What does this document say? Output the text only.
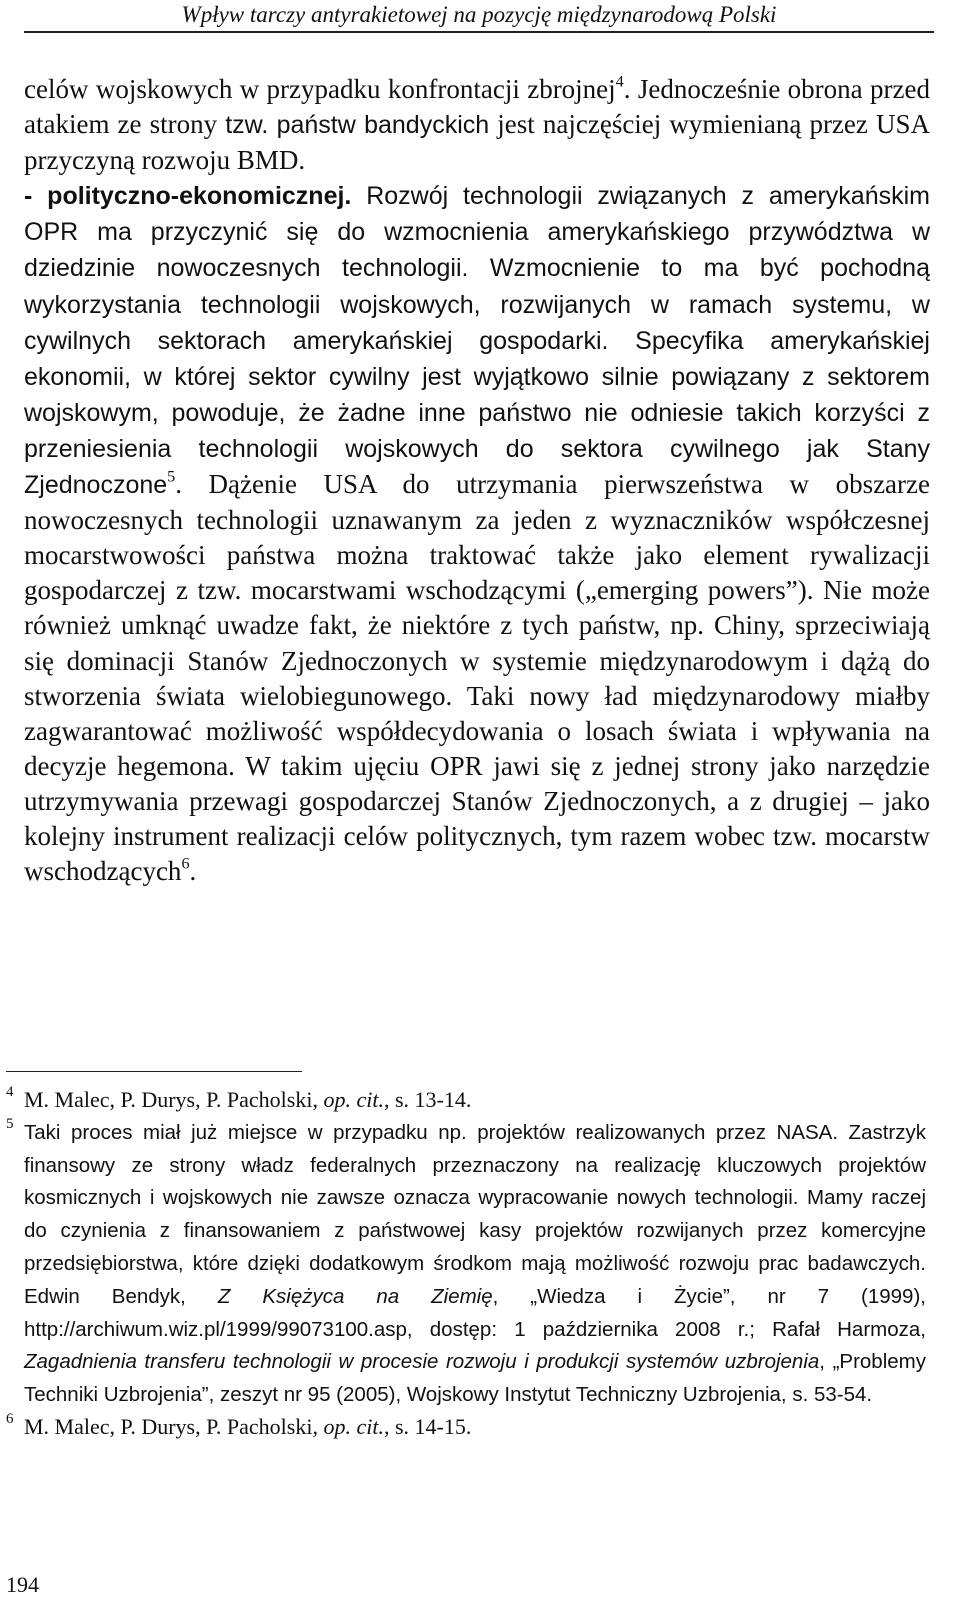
Wpływ tarczy antyrakietowej na pozycję międzynarodową Polski

celów wojskowych w przypadku konfrontacji zbrojnej$^4$. Jednocześnie obrona przed atakiem ze strony tzw. państw bandyckich jest najczęściej wymienianą przez USA przyczyną rozwoju BMD.

- polityczno-ekonomicznej. Rozwój technologii związanych z amerykańskim OPR ma przyczynić się do wzmocnienia amerykańskiego przywództwa w dziedzinie nowoczesnych technologii. Wzmocnienie to ma być pochodną wykorzystania technologii wojskowych, rozwijanych w ramach systemu, w cywilnych sektorach amerykańskiej gospodarki. Specyfika amerykańskiej ekonomii, w której sektor cywilny jest wyjątkowo silnie powiązany z sektorem wojskowym, powoduje, że żadne inne państwo nie odniesie takich korzyści z przeniesienia technologii wojskowych do sektora cywilnego jak Stany Zjednoczone$^5$. Dążenie USA do utrzymania pierwszeństwa w obszarze nowoczesnych technologii uznawanym za jeden z wyznaczników współczesnej mocarstwowości państwa można traktować także jako element rywalizacji gospodarczej z tzw. mocarstwami wschodzącymi („emerging powers”). Nie może również umknąć uwadze fakt, że niektóre z tych państw, np. Chiny, sprzeciwiają się dominacji Stanów Zjednoczonych w systemie międzynarodowym i dążą do stworzenia świata wielobiegunowego. Taki nowy ład międzynarodowy miałby zagwarantować możliwość współdecydowania o losach świata i wpływania na decyzje hegemona. W takim ujęciu OPR jawi się z jednej strony jako narzędzie utrzymywania przewagi gospodarczej Stanów Zjednoczonych, a z drugiej – jako kolejny instrument realizacji celów politycznych, tym razem wobec tzw. mocarstw wschodzących$^6$.

4 M. Malec, P. Durys, P. Pacholski, op. cit., s. 13-14.
5 Taki proces miał już miejsce w przypadku np. projektów realizowanych przez NASA. Zastrzyk finansowy ze strony władz federalnych przeznaczony na realizację kluczowych projektów kosmicznych i wojskowych nie zawsze oznacza wypracowanie nowych technologii. Mamy raczej do czynienia z finansowaniem z państwowej kasy projektów rozwijanych przez komercyjne przedsiębiorstwa, które dzięki dodatkowym środkom mają możliwość rozwoju prac badawczych. Edwin Bendyk, Z Księżyca na Ziemię, „Wiedza i Życie”, nr 7 (1999), http://archiwum.wiz.pl/1999/99073100.asp, dostęp: 1 października 2008 r.; Rafał Harmoza, Zagadnienia transferu technologii w procesie rozwoju i produkcji systemów uzbrojenia, „Problemy Techniki Uzbrojenia”, zeszyt nr 95 (2005), Wojskowy Instytut Techniczny Uzbrojenia, s. 53-54.
6 M. Malec, P. Durys, P. Pacholski, op. cit., s. 14-15.
194
